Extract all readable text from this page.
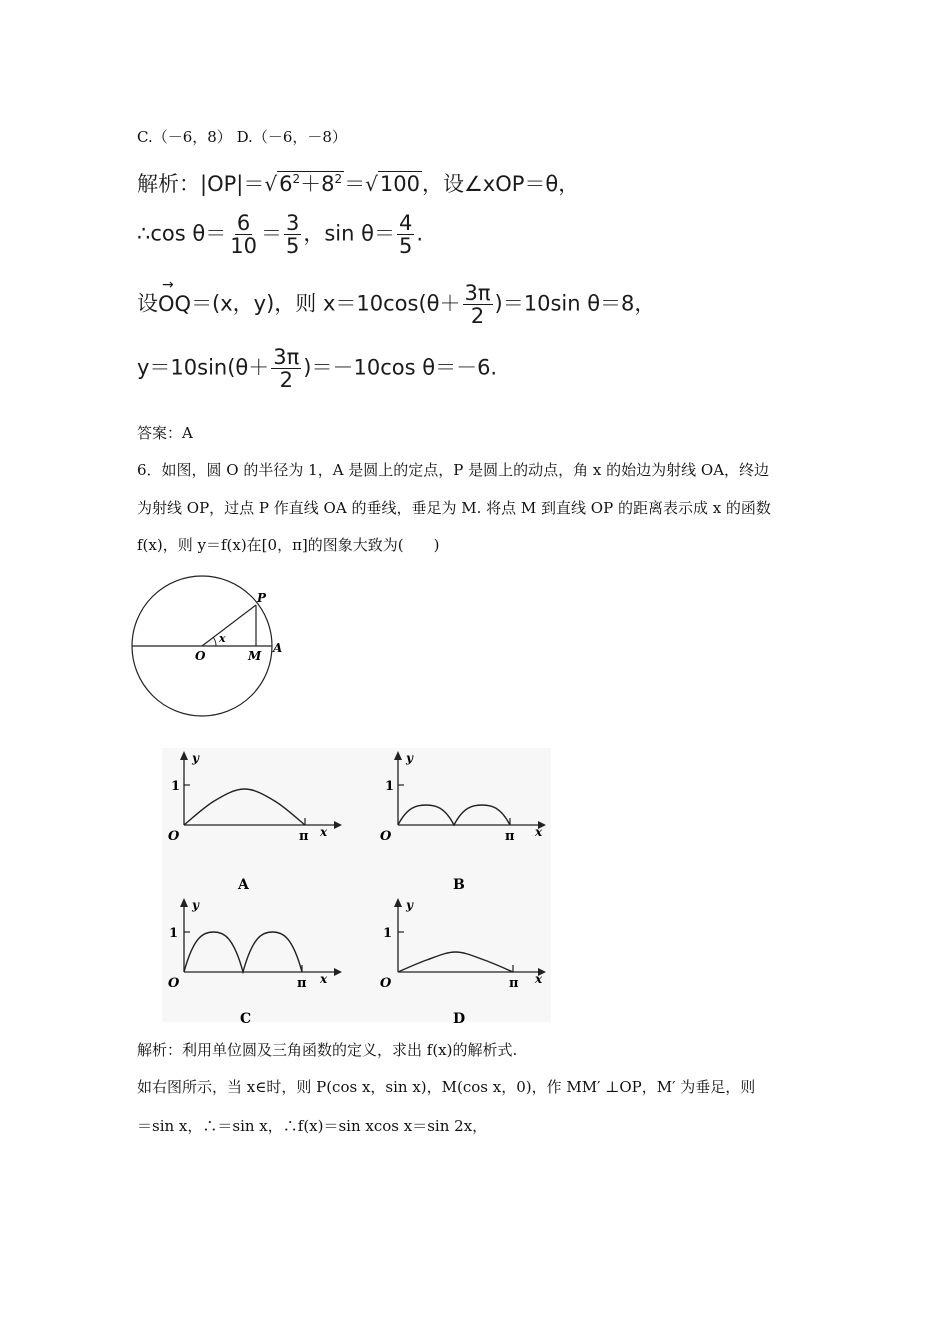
C.（－6，8） D.（－6，－8）
解析：$|OP|=√6^2+8^2=√100$，设∠xOP＝θ，
∴cos $\theta= \frac{6}{10} = \frac{3}{5}$ ，$\sin \theta= \frac{4}{5}$ .
设→ OQ＝(x，y)，则 $x=10\cos(\theta+ \frac{3\pi}{2} )=10\sin$ θ＝8，
$y=10\sin(\theta+ \frac{3\pi}{2} )=-10\cos$ θ＝－6.
答案：A
6．如图，圆 O 的半径为 1，A 是圆上的定点，P 是圆上的动点，角 x 的始边为射线 OA，终边
为射线 OP，过点 P 作直线 OA 的垂线，垂足为 M. 将点 M 到直线 OP 的距离表示成 x 的函数
f(x)，则 y＝f(x)在[0，π]的图象大致为(　　)
P
O	M
A
x
y
1
O	π x
A
y
1
O	π x
B
y
1
O	π x
C
y
1
O	π x
D
解析：利用单位圆及三角函数的定义，求出 f(x)的解析式.
如右图所示，当 x∈时，则 P(cos x，sin x)，M(cos x，0)，作 MM′ ⊥OP，M′ 为垂足，则
＝sin x，∴＝sin x，∴f(x)＝sin xcos x＝sin 2x，
